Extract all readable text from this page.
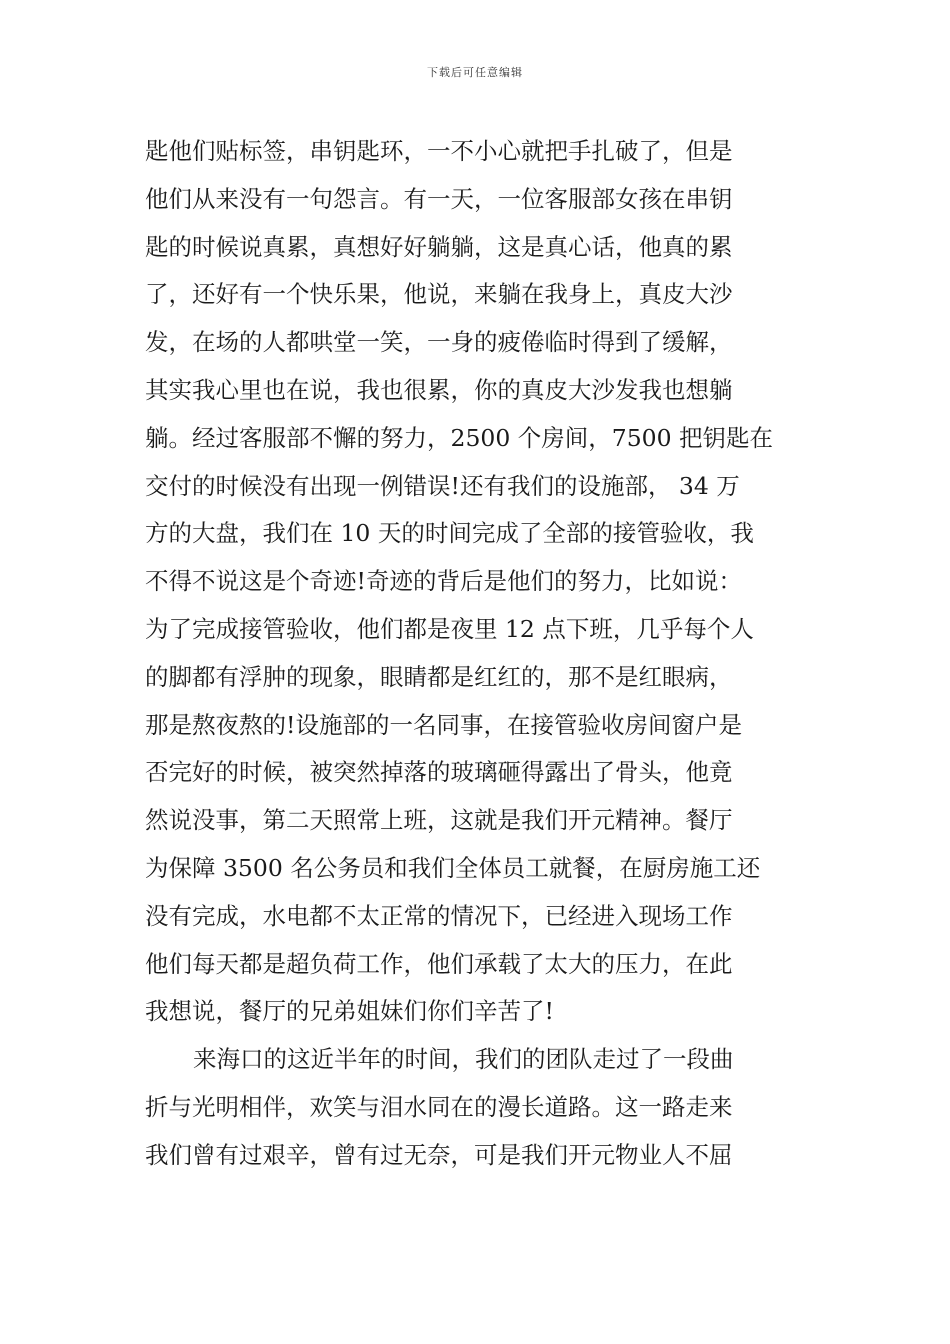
下载后可任意编辑
匙他们贴标签，串钥匙环，一不小心就把手扎破了，但是
他们从来没有一句怨言。有一天，一位客服部女孩在串钥
匙的时候说真累，真想好好躺躺，这是真心话，他真的累
了，还好有一个快乐果，他说，来躺在我身上，真皮大沙
发，在场的人都哄堂一笑，一身的疲倦临时得到了缓解，
其实我心里也在说，我也很累，你的真皮大沙发我也想躺
躺。经过客服部不懈的努力，2500 个房间，7500 把钥匙在
交付的时候没有出现一例错误!还有我们的设施部， 34 万
方的大盘，我们在 10 天的时间完成了全部的接管验收，我
不得不说这是个奇迹!奇迹的背后是他们的努力，比如说：
为了完成接管验收，他们都是夜里 12 点下班，几乎每个人
的脚都有浮肿的现象，眼睛都是红红的，那不是红眼病，
那是熬夜熬的!设施部的一名同事，在接管验收房间窗户是
否完好的时候，被突然掉落的玻璃砸得露出了骨头，他竟
然说没事，第二天照常上班，这就是我们开元精神。餐厅
为保障 3500 名公务员和我们全体员工就餐，在厨房施工还
没有完成，水电都不太正常的情况下，已经进入现场工作
他们每天都是超负荷工作，他们承载了太大的压力，在此
我想说，餐厅的兄弟姐妹们你们辛苦了!
来海口的这近半年的时间，我们的团队走过了一段曲
折与光明相伴，欢笑与泪水同在的漫长道路。这一路走来
我们曾有过艰辛，曾有过无奈，可是我们开元物业人不屈
